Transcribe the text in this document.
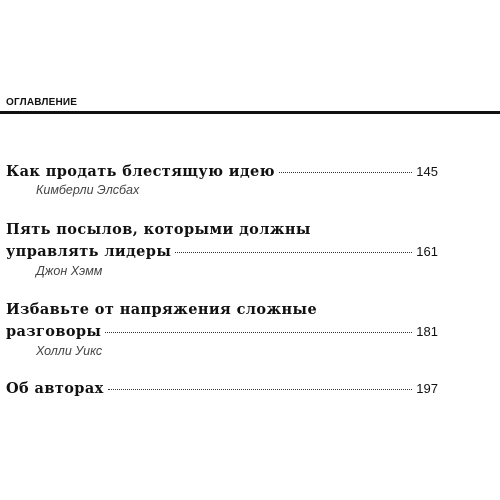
ОГЛАВЛЕНИЕ
Как продать блестящую идею	145
Кимберли Элсбах
Пять посылов, которыми должны
управлять лидеры	161
Джон Хэмм
Избавьте от напряжения сложные
разговоры	181
Холли Уикс
Об авторах	197
